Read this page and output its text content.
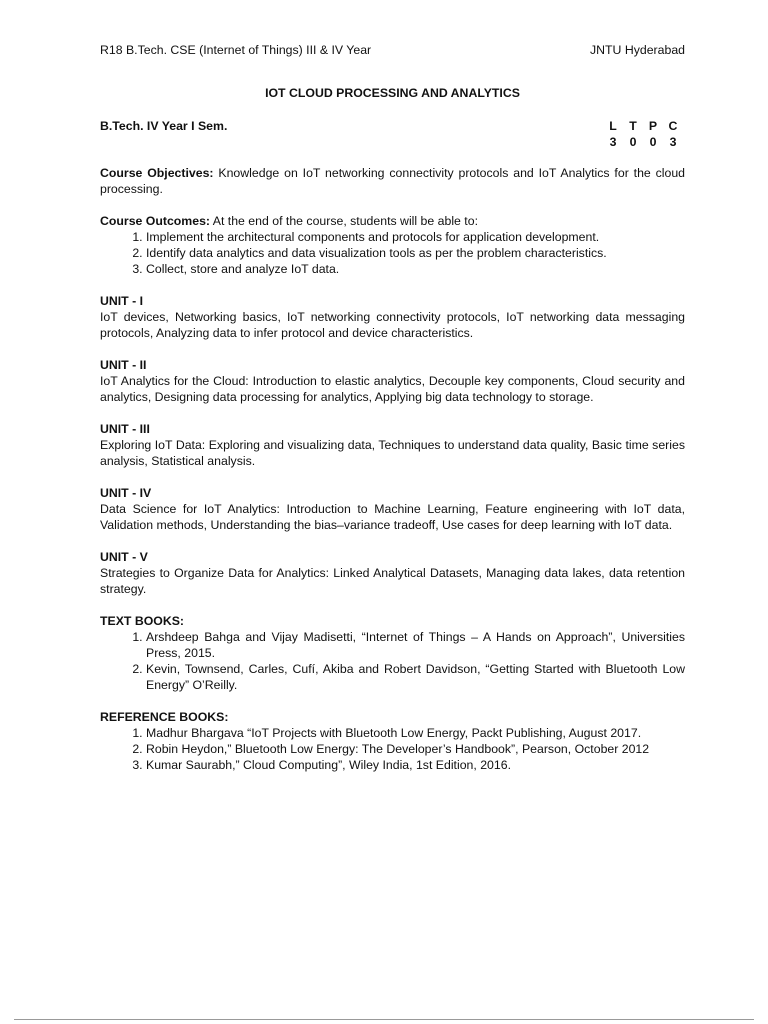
R18 B.Tech. CSE (Internet of Things) III & IV Year	JNTU Hyderabad
IOT CLOUD PROCESSING AND ANALYTICS
B.Tech. IV Year I Sem.	L	T P C
3	0	0	3
Course Objectives: Knowledge on IoT networking connectivity protocols and IoT Analytics for the cloud processing.
Course Outcomes: At the end of the course, students will be able to:
1. Implement the architectural components and protocols for application development.
2. Identify data analytics and data visualization tools as per the problem characteristics.
3. Collect, store and analyze IoT data.
UNIT - I
IoT devices, Networking basics, IoT networking connectivity protocols, IoT networking data messaging protocols, Analyzing data to infer protocol and device characteristics.
UNIT - II
IoT Analytics for the Cloud: Introduction to elastic analytics, Decouple key components, Cloud security and analytics, Designing data processing for analytics, Applying big data technology to storage.
UNIT - III
Exploring IoT Data: Exploring and visualizing data, Techniques to understand data quality, Basic time series analysis, Statistical analysis.
UNIT - IV
Data Science for IoT Analytics: Introduction to Machine Learning, Feature engineering with IoT data, Validation methods, Understanding the bias–variance tradeoff, Use cases for deep learning with IoT data.
UNIT - V
Strategies to Organize Data for Analytics: Linked Analytical Datasets, Managing data lakes, data retention strategy.
TEXT BOOKS:
1. Arshdeep Bahga and Vijay Madisetti, “Internet of Things – A Hands on Approach”, Universities Press, 2015.
2. Kevin, Townsend, Carles, Cufí, Akiba and Robert Davidson, “Getting Started with Bluetooth Low Energy” O’Reilly.
REFERENCE BOOKS:
1. Madhur Bhargava “IoT Projects with Bluetooth Low Energy, Packt Publishing, August 2017.
2. Robin Heydon,” Bluetooth Low Energy: The Developer’s Handbook”, Pearson, October 2012
3. Kumar Saurabh,” Cloud Computing”, Wiley India, 1st Edition, 2016.
